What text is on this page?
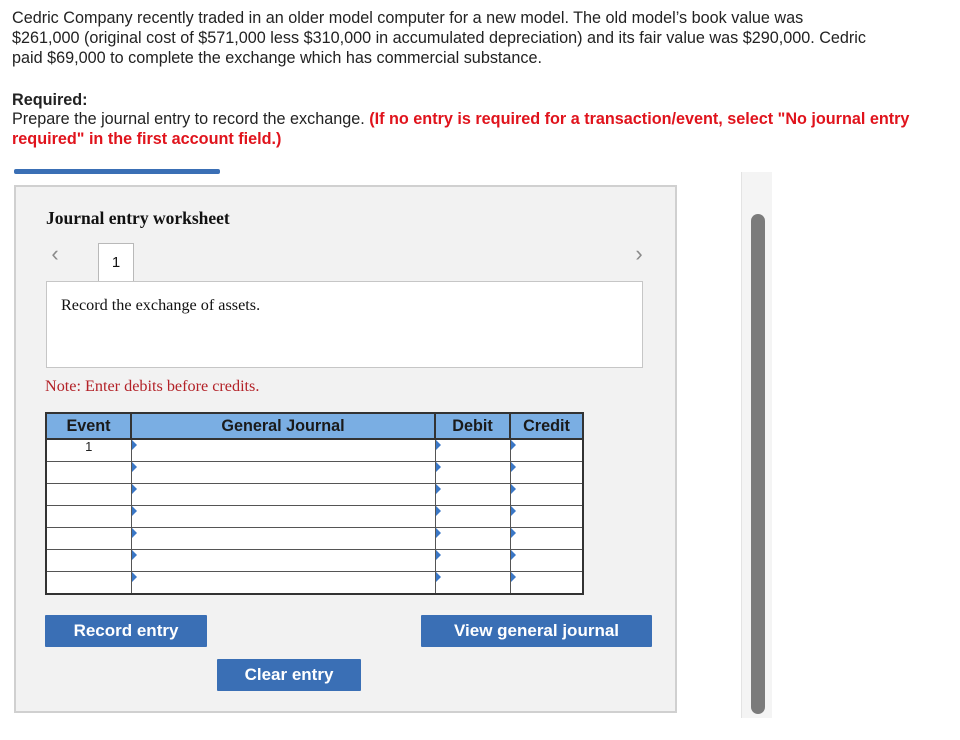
Cedric Company recently traded in an older model computer for a new model. The old model’s book value was

$261,000 (original cost of $571,000 less $310,000 in accumulated depreciation) and its fair value was $290,000. Cedric

paid $69,000 to complete the exchange which has commercial substance.

Required:
Prepare the journal entry to record the exchange. (If no entry is required for a transaction/event, select "No journal entry required" in the first account field.)
Journal entry worksheet
‹	1	›
Record the exchange of assets.
Note: Enter debits before credits.
Event	General Journal	Debit	Credit

1			

Record entry	View general journal
Clear entry
